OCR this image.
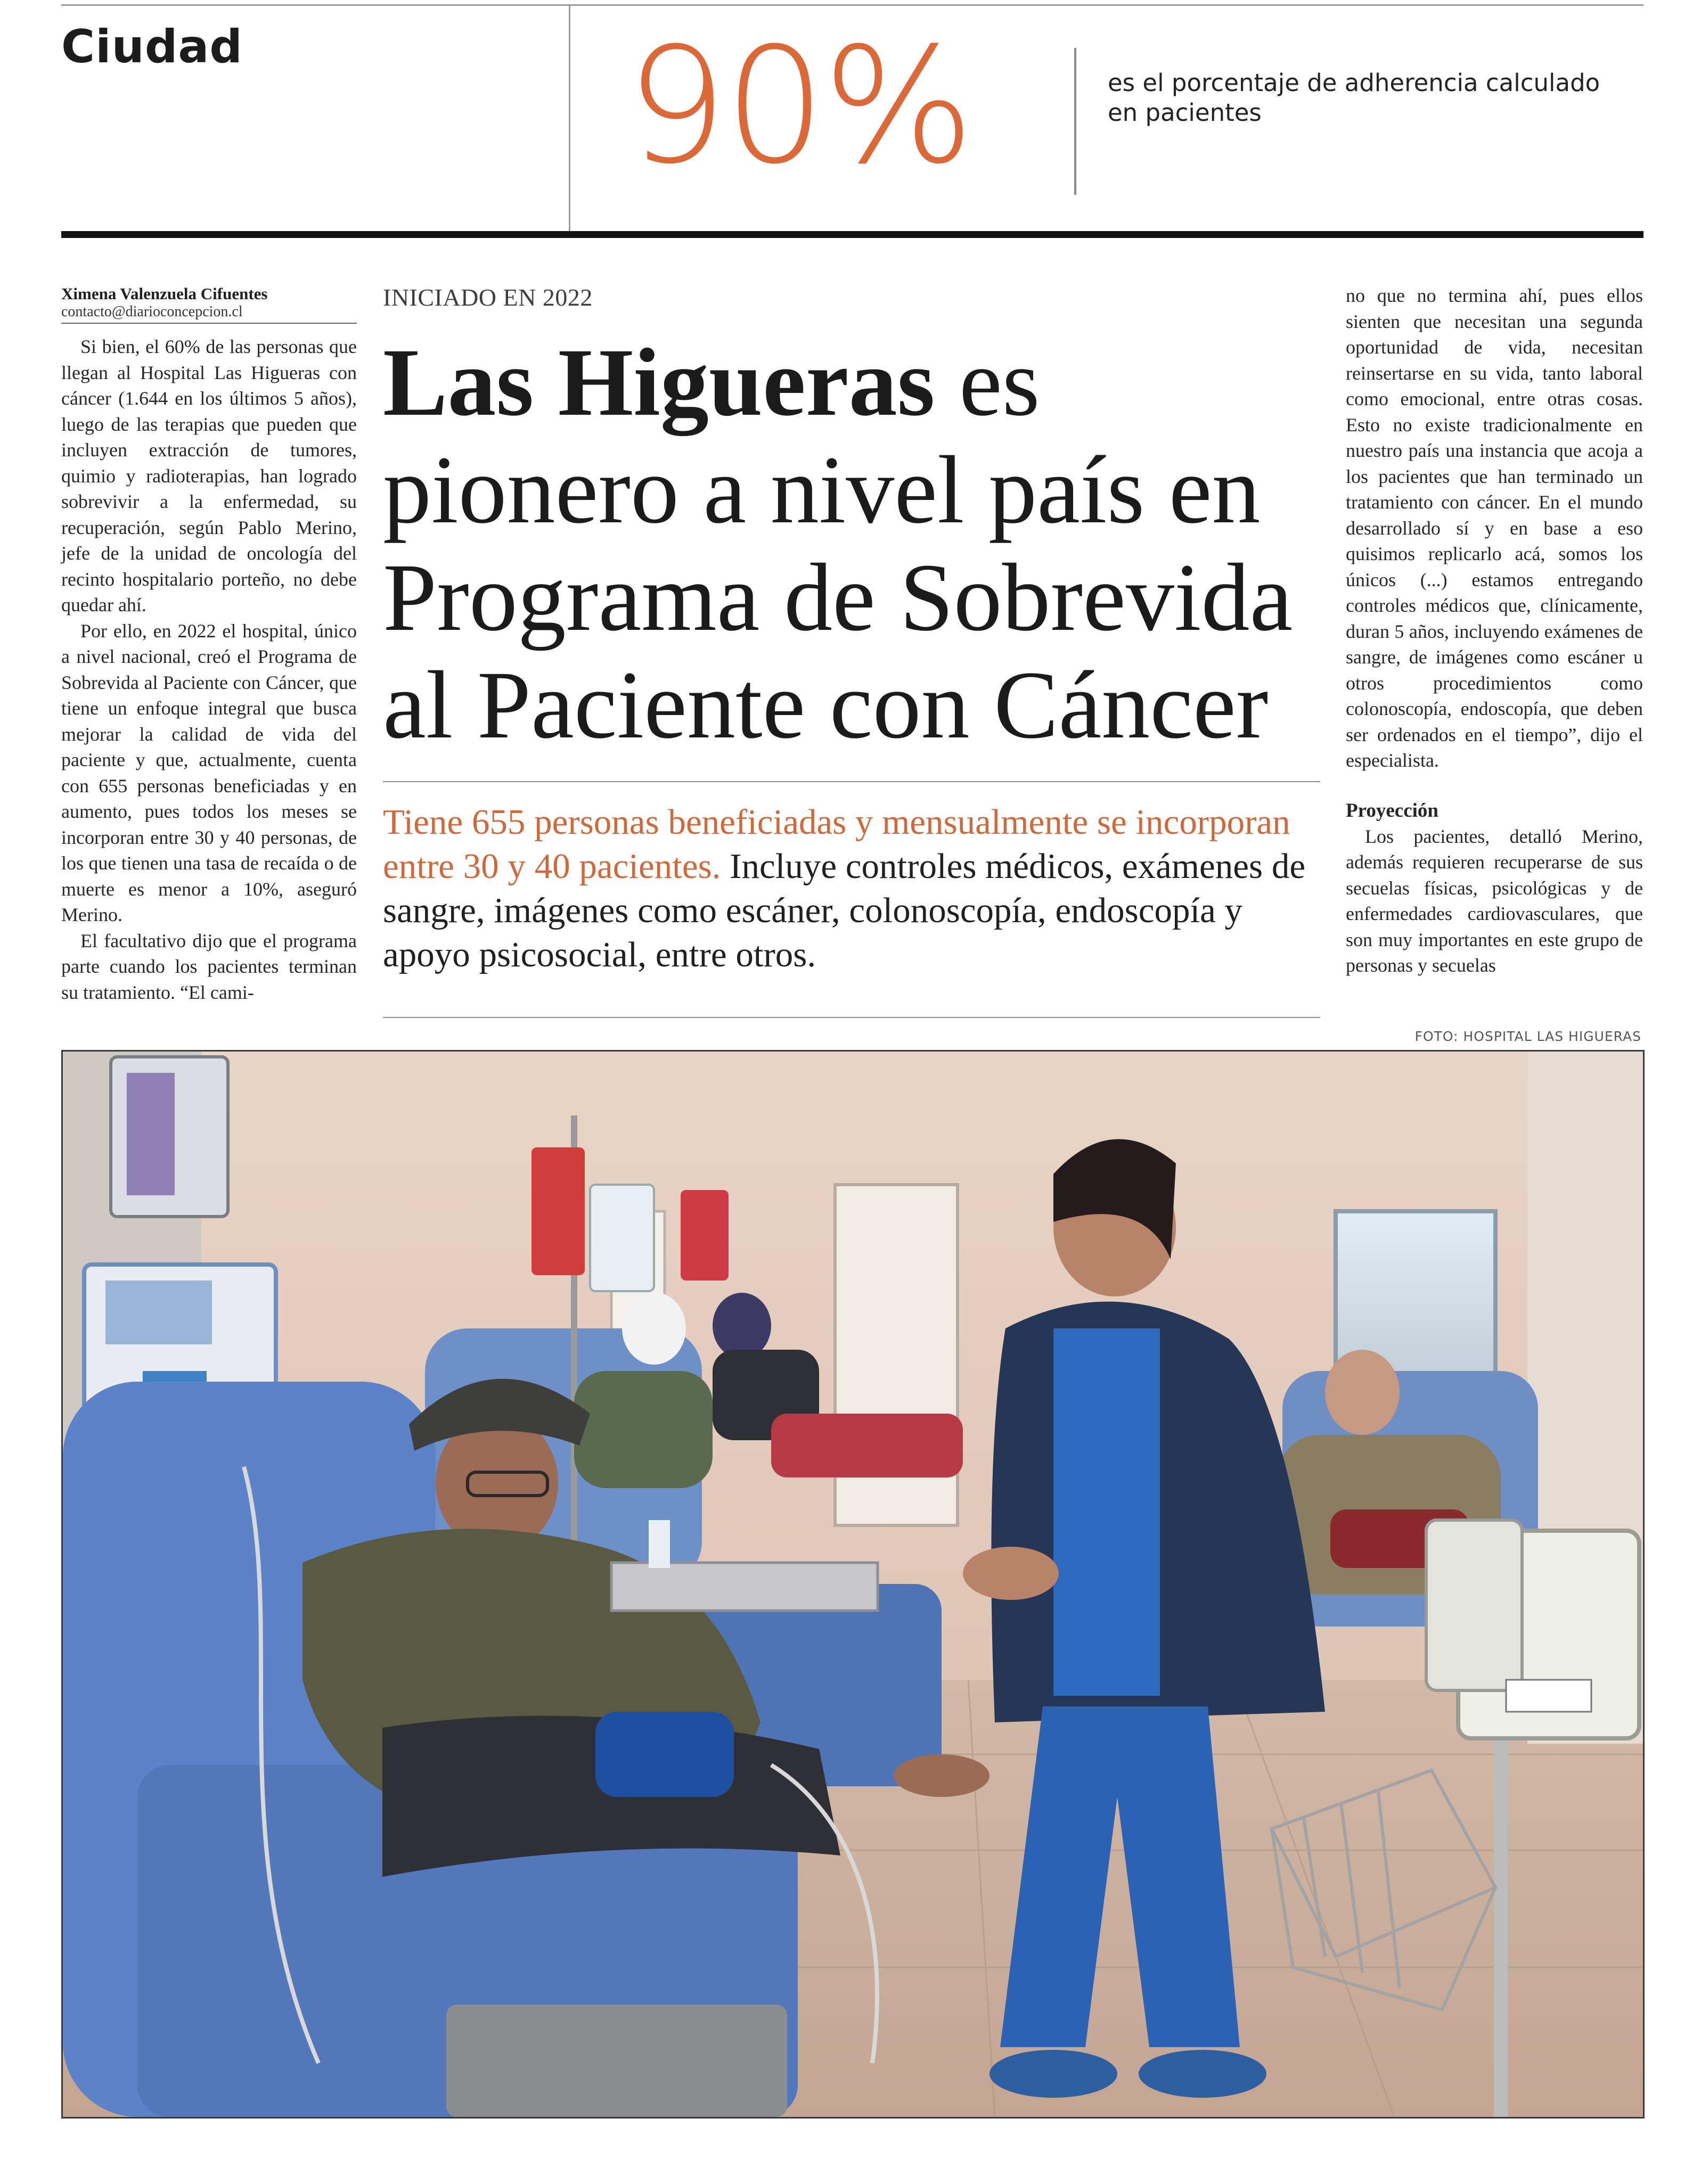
Ciudad 90%	es el porcentaje de adherencia calculado en pacientes
Ximena Valenzuela Cifuentes
contacto@diarioconcepcion.cl

Si bien, el 60% de las personas que llegan al Hospital Las Higueras con cáncer (1.644 en los últimos 5 años), luego de las terapias que pueden que incluyen extracción de tumores, quimio y radioterapias, han logrado sobrevivir a la enfermedad, su recuperación, según Pablo Merino, jefe de la unidad de oncología del recinto hospitalario porteño, no debe quedar ahí.

Por ello, en 2022 el hospital, único a nivel nacional, creó el Programa de Sobrevida al Paciente con Cáncer, que tiene un enfoque integral que busca mejorar la calidad de vida del paciente y que, actualmente, cuenta con 655 personas beneficiadas y en aumento, pues todos los meses se incorporan entre 30 y 40 personas, de los que tienen una tasa de recaída o de muerte es menor a 10%, aseguró Merino.

El facultativo dijo que el programa parte cuando los pacientes terminan su tratamiento. “El cami-

INICIADO EN 2022
Las Higueras es pionero a nivel país en Programa de Sobrevida al Paciente con Cáncer
Tiene 655 personas beneficiadas y mensualmente se incorporan entre 30 y 40 pacientes. Incluye controles médicos, exámenes de sangre, imágenes como escáner, colonoscopía, endoscopía y apoyo psicosocial, entre otros.

no que no termina ahí, pues ellos sienten que necesitan una segunda oportunidad de vida, necesitan reinsertarse en su vida, tanto laboral como emocional, entre otras cosas. Esto no existe tradicionalmente en nuestro país una instancia que acoja a los pacientes que han terminado un tratamiento con cáncer. En el mundo desarrollado sí y en base a eso quisimos replicarlo acá, somos los únicos (...) estamos entregando controles médicos que, clínicamente, duran 5 años, incluyendo exámenes de sangre, de imágenes como escáner u otros procedimientos como colonoscopía, endoscopía, que deben ser ordenados en el tiempo”, dijo el especialista.

Proyección

Los pacientes, detalló Merino, además requieren recuperarse de sus secuelas físicas, psicológicas y de enfermedades cardiovasculares, que son muy importantes en este grupo de personas y secuelas

FOTO: HOSPITAL LAS HIGUERAS
